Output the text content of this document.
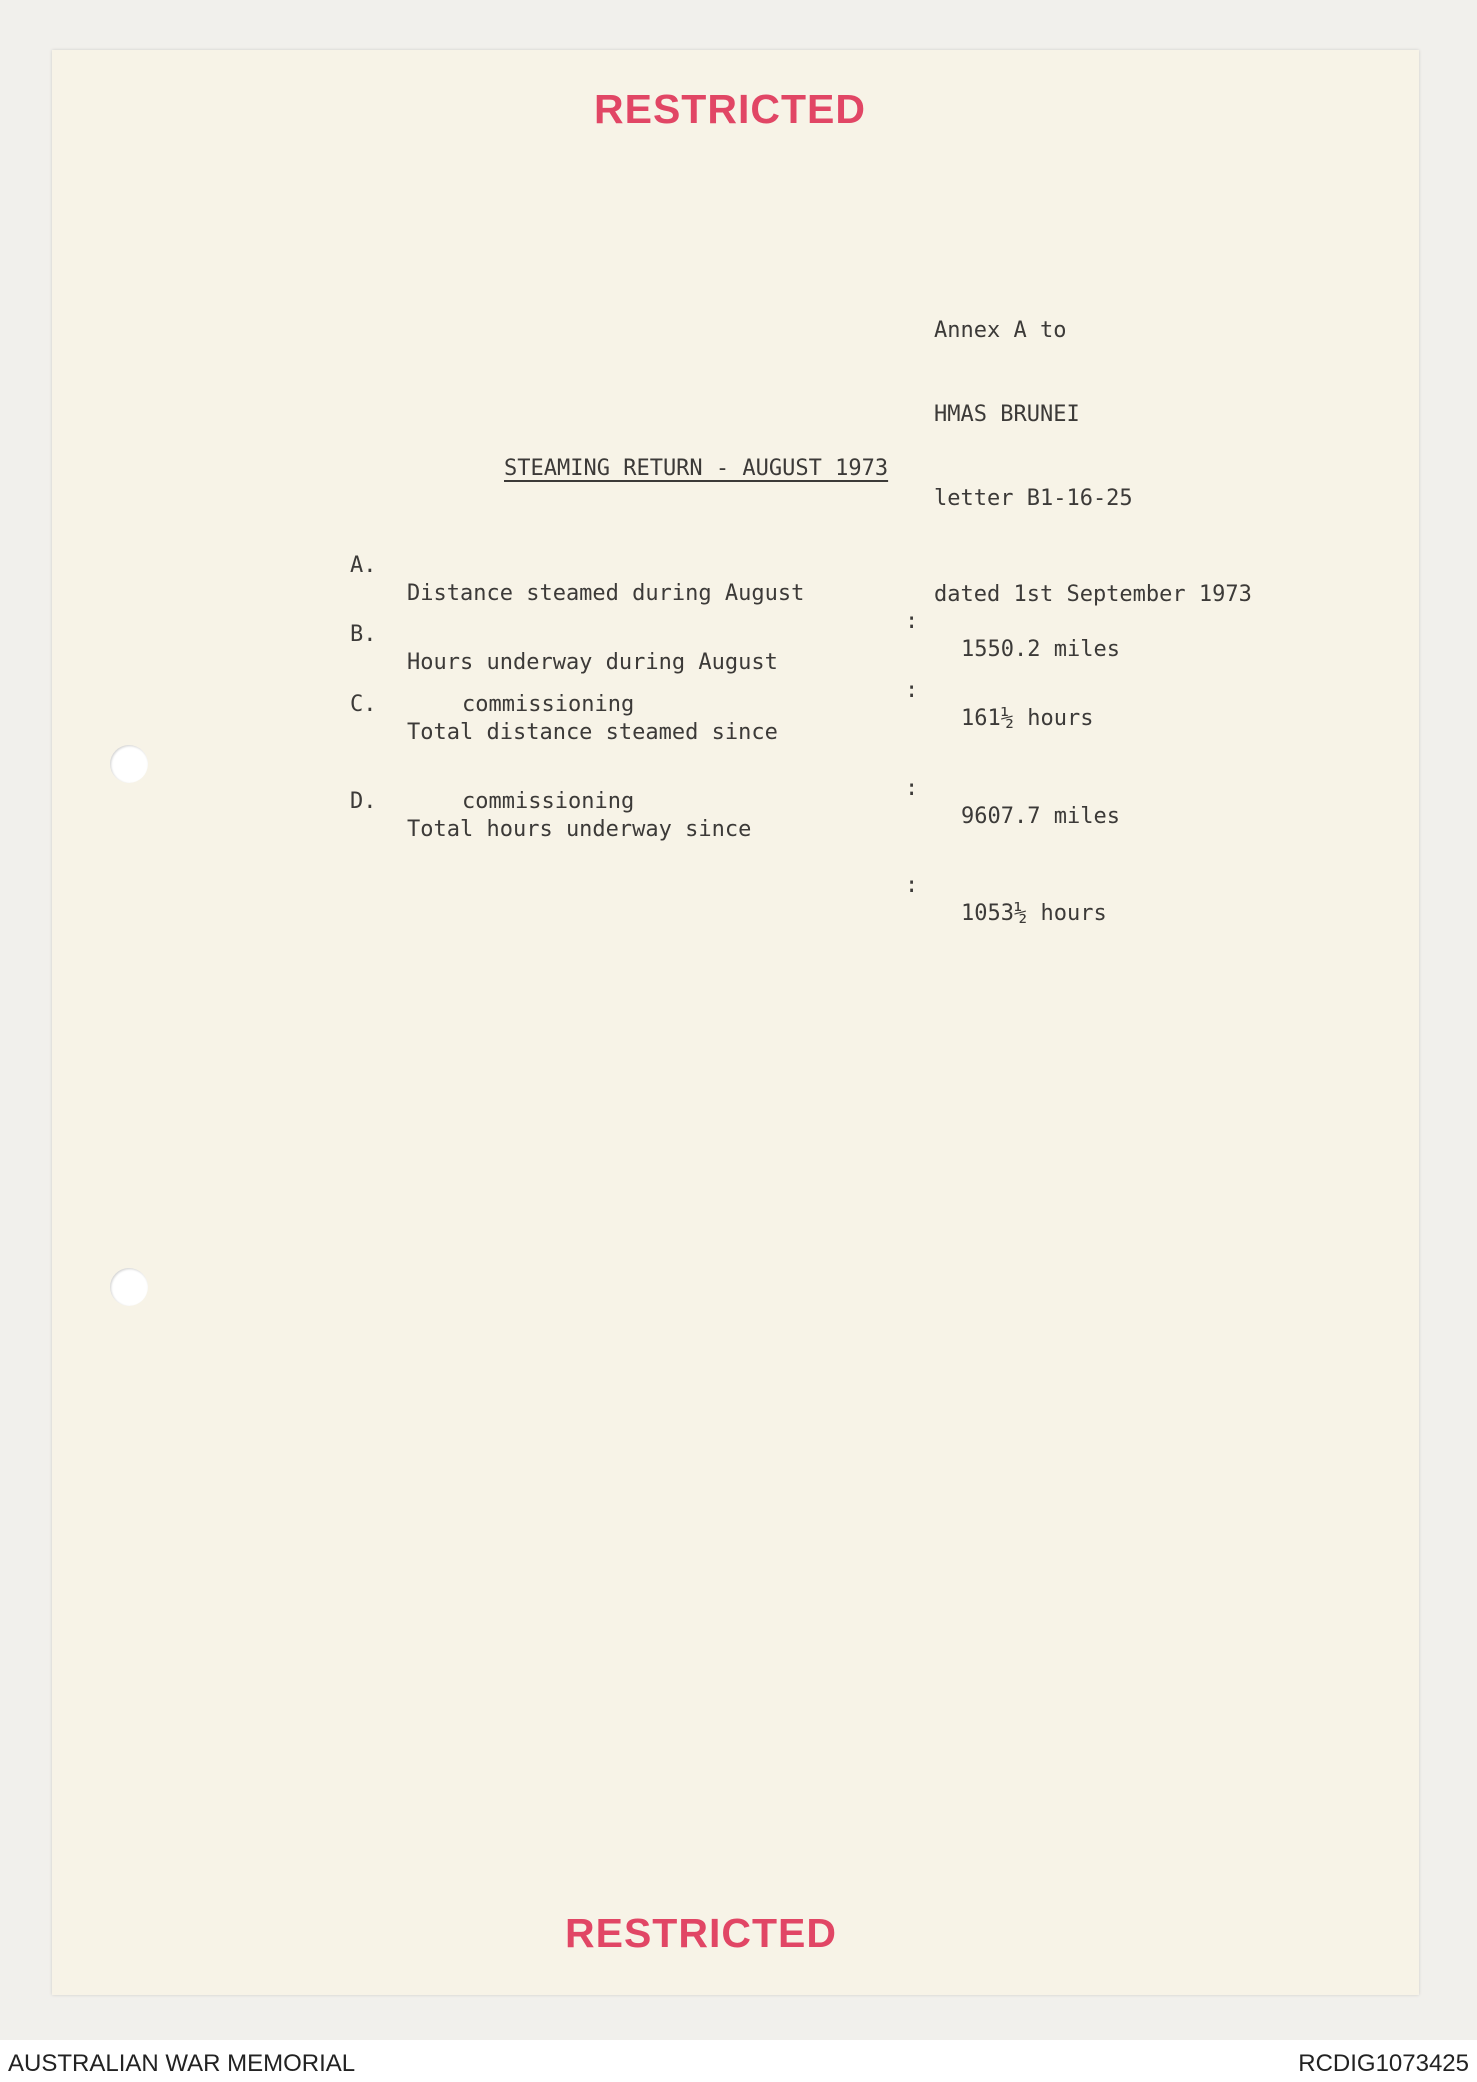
RESTRICTED

Annex A to

HMAS BRUNEI

letter B1-16-25

dated 1st September 1973

STEAMING RETURN - AUGUST 1973

A.

Distance steamed during August

:

1550.2 miles

B.

Hours underway during August

:

161½ hours

C.

Total distance steamed since

commissioning

:

9607.7 miles

D.

Total hours underway since

commissioning

:

1053½ hours

RESTRICTED
AUSTRALIAN WAR MEMORIAL	RCDIG1073425
